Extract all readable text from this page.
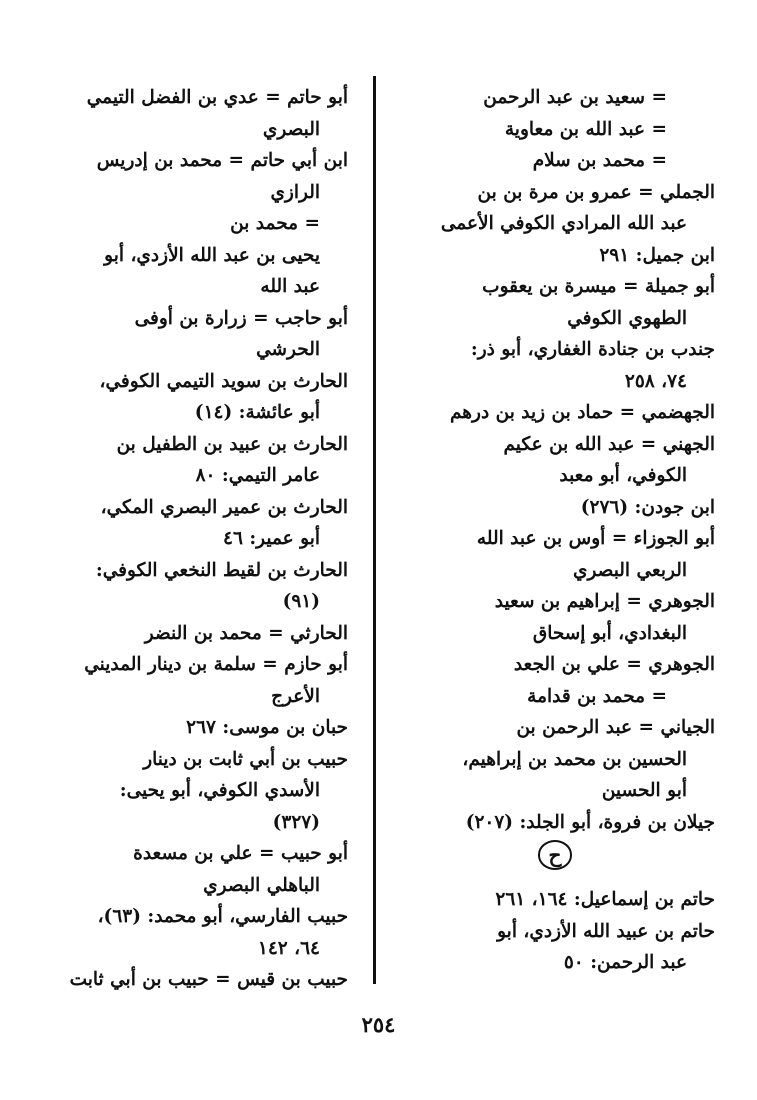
= سعيد بن عبد الرحمن
= عبد الله بن معاوية
= محمد بن سلام
الجملي = عمرو بن مرة بن بن
عبد الله المرادي الكوفي الأعمى
ابن جميل: ٢٩١
أبو جميلة = ميسرة بن يعقوب
الطهوي الكوفي
جندب بن جنادة الغفاري، أبو ذر:
٧٤، ٢٥٨
الجهضمي = حماد بن زيد بن درهم
الجهني = عبد الله بن عكيم
الكوفي، أبو معبد
ابن جودن: (٢٧٦)
أبو الجوزاء = أوس بن عبد الله
الربعي البصري
الجوهري = إبراهيم بن سعيد
البغدادي، أبو إسحاق
الجوهري = علي بن الجعد
= محمد بن قدامة
الجياني = عبد الرحمن بن
الحسين بن محمد بن إبراهيم،
أبو الحسين
جيلان بن فروة، أبو الجلد: (٢٠٧)
ح
حاتم بن إسماعيل: ١٦٤، ٢٦١
حاتم بن عبيد الله الأزدي، أبو
عبد الرحمن: ٥٠
أبو حاتم = عدي بن الفضل التيمي
البصري
ابن أبي حاتم = محمد بن إدريس
الرازي
= محمد بن
يحيى بن عبد الله الأزدي، أبو
عبد الله
أبو حاجب = زرارة بن أوفى
الحرشي
الحارث بن سويد التيمي الكوفي،
أبو عائشة: (١٤)
الحارث بن عبيد بن الطفيل بن
عامر التيمي: ٨٠
الحارث بن عمير البصري المكي،
أبو عمير: ٤٦
الحارث بن لقيط النخعي الكوفي:
(٩١)
الحارثي = محمد بن النضر
أبو حازم = سلمة بن دينار المديني
الأعرج
حبان بن موسى: ٢٦٧
حبيب بن أبي ثابت بن دينار
الأسدي الكوفي، أبو يحيى:
(٣٢٧)
أبو حبيب = علي بن مسعدة
الباهلي البصري
حبيب الفارسي، أبو محمد: (٦٣)،
٦٤، ١٤٢
حبيب بن قيس = حبيب بن أبي ثابت
٢٥٤
